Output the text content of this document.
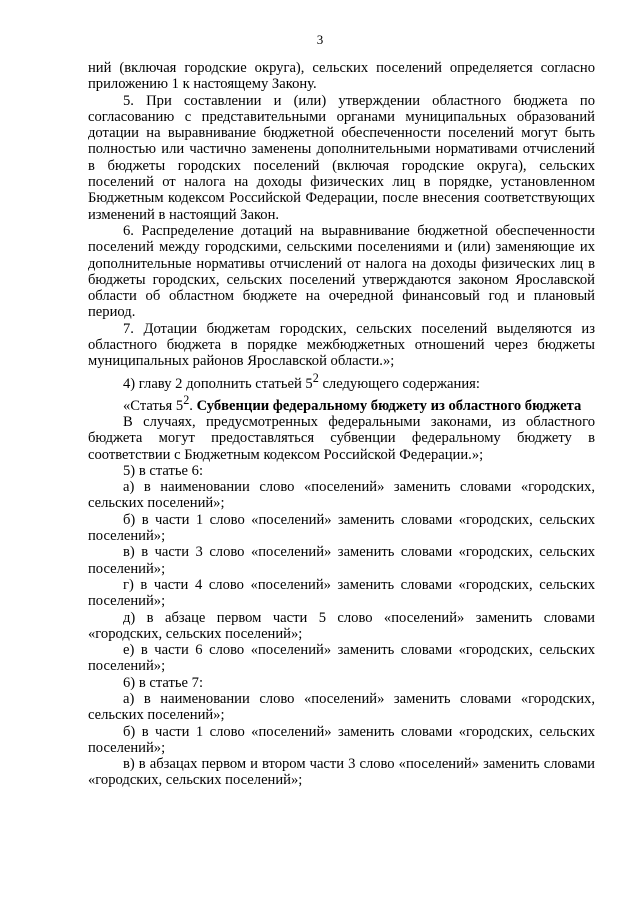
3

ний (включая городские округа), сельских поселений определяется согласно приложению 1 к настоящему Закону.

5. При составлении и (или) утверждении областного бюджета по согласованию с представительными органами муниципальных образований дотации на выравнивание бюджетной обеспеченности поселений могут быть полностью или частично заменены дополнительными нормативами отчислений в бюджеты городских поселений (включая городские округа), сельских поселений от налога на доходы физических лиц в порядке, установленном Бюджетным кодексом Российской Федерации, после внесения соответствующих изменений в настоящий Закон.

6. Распределение дотаций на выравнивание бюджетной обеспеченности поселений между городскими, сельскими поселениями и (или) заменяющие их дополнительные нормативы отчислений от налога на доходы физических лиц в бюджеты городских, сельских поселений утверждаются законом Ярославской области об областном бюджете на очередной финансовый год и плановый период.

7. Дотации бюджетам городских, сельских поселений выделяются из областного бюджета в порядке межбюджетных отношений через бюджеты муниципальных районов Ярославской области.»;

4) главу 2 дополнить статьей $5^2$ следующего содержания:

«Статья $5^2$. Субвенции федеральному бюджету из областного бюджета

В случаях, предусмотренных федеральными законами, из областного бюджета могут предоставляться субвенции федеральному бюджету в соответствии с Бюджетным кодексом Российской Федерации.»;

5) в статье 6:

а) в наименовании слово «поселений» заменить словами «городских, сельских поселений»;

б) в части 1 слово «поселений» заменить словами «городских, сельских поселений»;

в) в части 3 слово «поселений» заменить словами «городских, сельских поселений»;

г) в части 4 слово «поселений» заменить словами «городских, сельских поселений»;

д) в абзаце первом части 5 слово «поселений» заменить словами «городских, сельских поселений»;

е) в части 6 слово «поселений» заменить словами «городских, сельских поселений»;

6) в статье 7:

а) в наименовании слово «поселений» заменить словами «городских, сельских поселений»;

б) в части 1 слово «поселений» заменить словами «городских, сельских поселений»;

в) в абзацах первом и втором части 3 слово «поселений» заменить словами «городских, сельских поселений»;
